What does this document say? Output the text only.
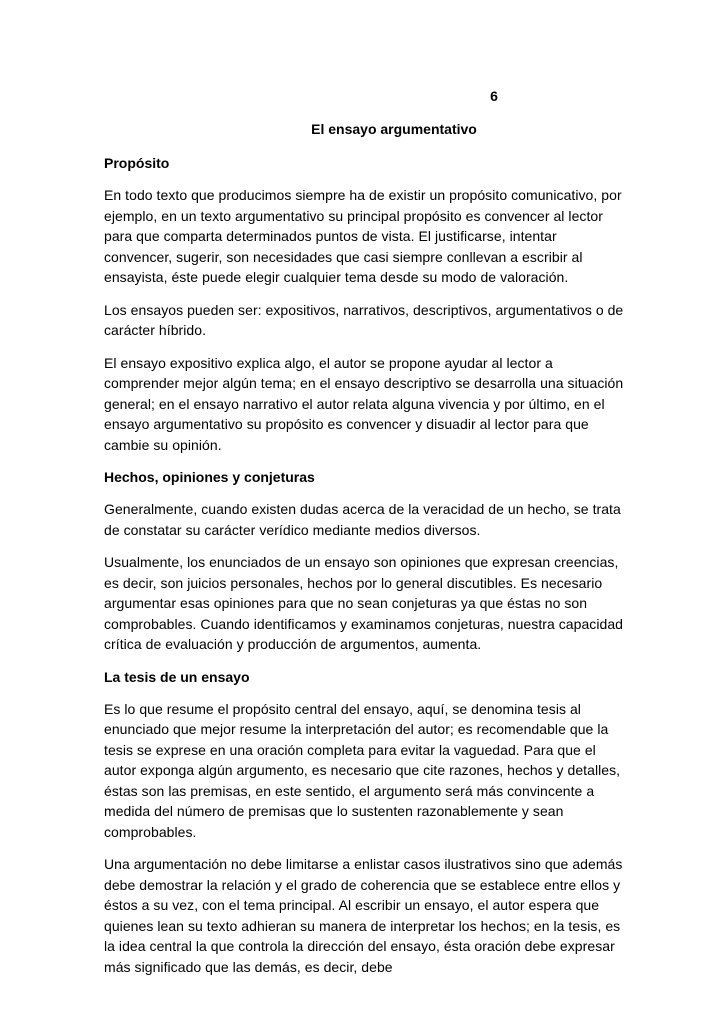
6
El ensayo argumentativo
Propósito

En todo texto que producimos siempre ha de existir un propósito comunicativo, por ejemplo, en un texto argumentativo su principal propósito es convencer al lector para que comparta determinados puntos de vista. El justificarse, intentar convencer, sugerir, son necesidades que casi siempre conllevan a escribir al ensayista, éste puede elegir cualquier tema desde su modo de valoración.

Los ensayos pueden ser: expositivos, narrativos, descriptivos, argumentativos o de carácter híbrido.

El ensayo expositivo explica algo, el autor se propone ayudar al lector a comprender mejor algún tema; en el ensayo descriptivo se desarrolla una situación general; en el ensayo narrativo el autor relata alguna vivencia y por último, en el ensayo argumentativo su propósito es convencer y disuadir al lector para que cambie su opinión.

Hechos, opiniones y conjeturas

Generalmente, cuando existen dudas acerca de la veracidad de un hecho, se trata de constatar su carácter verídico mediante medios diversos.

Usualmente, los enunciados de un ensayo son opiniones que expresan creencias, es decir, son juicios personales, hechos por lo general discutibles. Es necesario argumentar esas opiniones para que no sean conjeturas ya que éstas no son comprobables. Cuando identificamos y examinamos conjeturas, nuestra capacidad crítica de evaluación y producción de argumentos, aumenta.

La tesis de un ensayo

Es lo que resume el propósito central del ensayo, aquí, se denomina tesis al enunciado que mejor resume la interpretación del autor; es recomendable que la tesis se exprese en una oración completa para evitar la vaguedad. Para que el autor exponga algún argumento, es necesario que cite razones, hechos y detalles, éstas son las premisas, en este sentido, el argumento será más convincente a medida del número de premisas que lo sustenten razonablemente y sean comprobables.

Una argumentación no debe limitarse a enlistar casos ilustrativos sino que además debe demostrar la relación y el grado de coherencia que se establece entre ellos y éstos a su vez, con el tema principal. Al escribir un ensayo, el autor espera que quienes lean su texto adhieran su manera de interpretar los hechos; en la tesis, es la idea central la que controla la dirección del ensayo, ésta oración debe expresar más significado que las demás, es decir, debe
